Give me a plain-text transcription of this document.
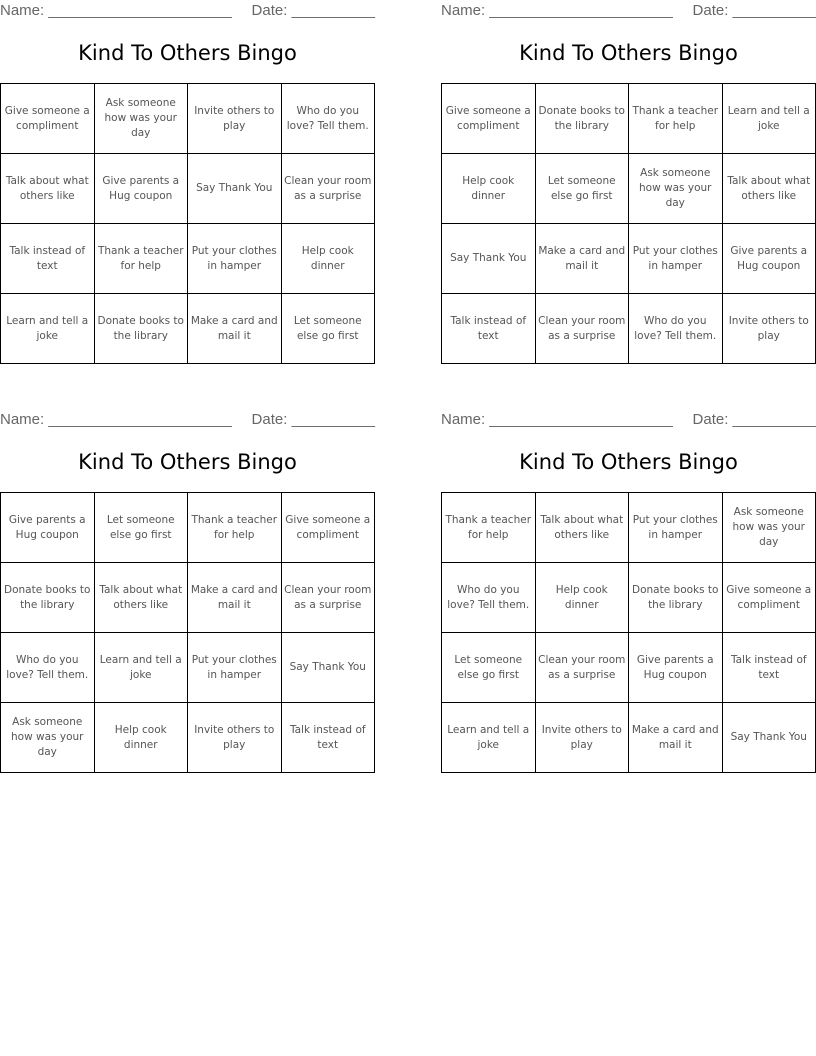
Name: ______________________ Date: __________
Kind To Others Bingo
Give someone a compliment	Ask someone how was your day	Invite others to play	Who do you love? Tell them.
Talk about what others like	Give parents a Hug coupon	Say Thank You	Clean your room as a surprise
Talk instead of text	Thank a teacher for help	Put your clothes in hamper	Help cook dinner
Learn and tell a joke	Donate books to the library	Make a card and mail it	Let someone else go first
Name: ______________________ Date: __________
Kind To Others Bingo
Give someone a compliment	Donate books to the library	Thank a teacher for help	Learn and tell a joke
Help cook dinner	Let someone else go first	Ask someone how was your day	Talk about what others like
Say Thank You	Make a card and mail it	Put your clothes in hamper	Give parents a Hug coupon
Talk instead of text	Clean your room as a surprise	Who do you love? Tell them.	Invite others to play
Name: ______________________ Date: __________
Kind To Others Bingo
Give parents a Hug coupon	Let someone else go first	Thank a teacher for help	Give someone a compliment
Donate books to the library	Talk about what others like	Make a card and mail it	Clean your room as a surprise
Who do you love? Tell them.	Learn and tell a joke	Put your clothes in hamper	Say Thank You
Ask someone how was your day	Help cook dinner	Invite others to play	Talk instead of text
Name: ______________________ Date: __________
Kind To Others Bingo
Thank a teacher for help	Talk about what others like	Put your clothes in hamper	Ask someone how was your day
Who do you love? Tell them.	Help cook dinner	Donate books to the library	Give someone a compliment
Let someone else go first	Clean your room as a surprise	Give parents a Hug coupon	Talk instead of text
Learn and tell a joke	Invite others to play	Make a card and mail it	Say Thank You
